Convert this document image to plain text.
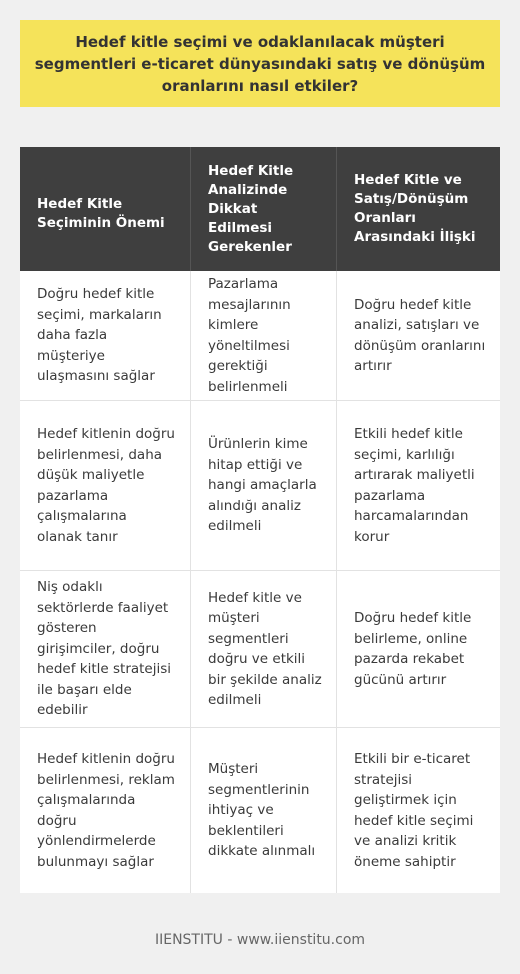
Hedef kitle seçimi ve odaklanılacak müşteri segmentleri e-ticaret dünyasındaki satış ve dönüşüm oranlarını nasıl etkiler?
Hedef Kitle Seçiminin Önemi
Hedef Kitle Analizinde Dikkat Edilmesi Gerekenler
Hedef Kitle ve Satış/Dönüşüm Oranları Arasındaki İlişki
Doğru hedef kitle seçimi, markaların daha fazla müşteriye ulaşmasını sağlar
Pazarlama mesajlarının kimlere yöneltilmesi gerektiği belirlenmeli
Doğru hedef kitle analizi, satışları ve dönüşüm oranlarını artırır
Hedef kitlenin doğru belirlenmesi, daha düşük maliyetle pazarlama çalışmalarına olanak tanır
Ürünlerin kime hitap ettiği ve hangi amaçlarla alındığı analiz edilmeli
Etkili hedef kitle seçimi, karlılığı artırarak maliyetli pazarlama harcamalarından korur
Niş odaklı sektörlerde faaliyet gösteren girişimciler, doğru hedef kitle stratejisi ile başarı elde edebilir
Hedef kitle ve müşteri segmentleri doğru ve etkili bir şekilde analiz edilmeli
Doğru hedef kitle belirleme, online pazarda rekabet gücünü artırır
Hedef kitlenin doğru belirlenmesi, reklam çalışmalarında doğru yönlendirmelerde bulunmayı sağlar
Müşteri segmentlerinin ihtiyaç ve beklentileri dikkate alınmalı
Etkili bir e-ticaret stratejisi geliştirmek için hedef kitle seçimi ve analizi kritik öneme sahiptir
IIENSTITU - www.iienstitu.com
